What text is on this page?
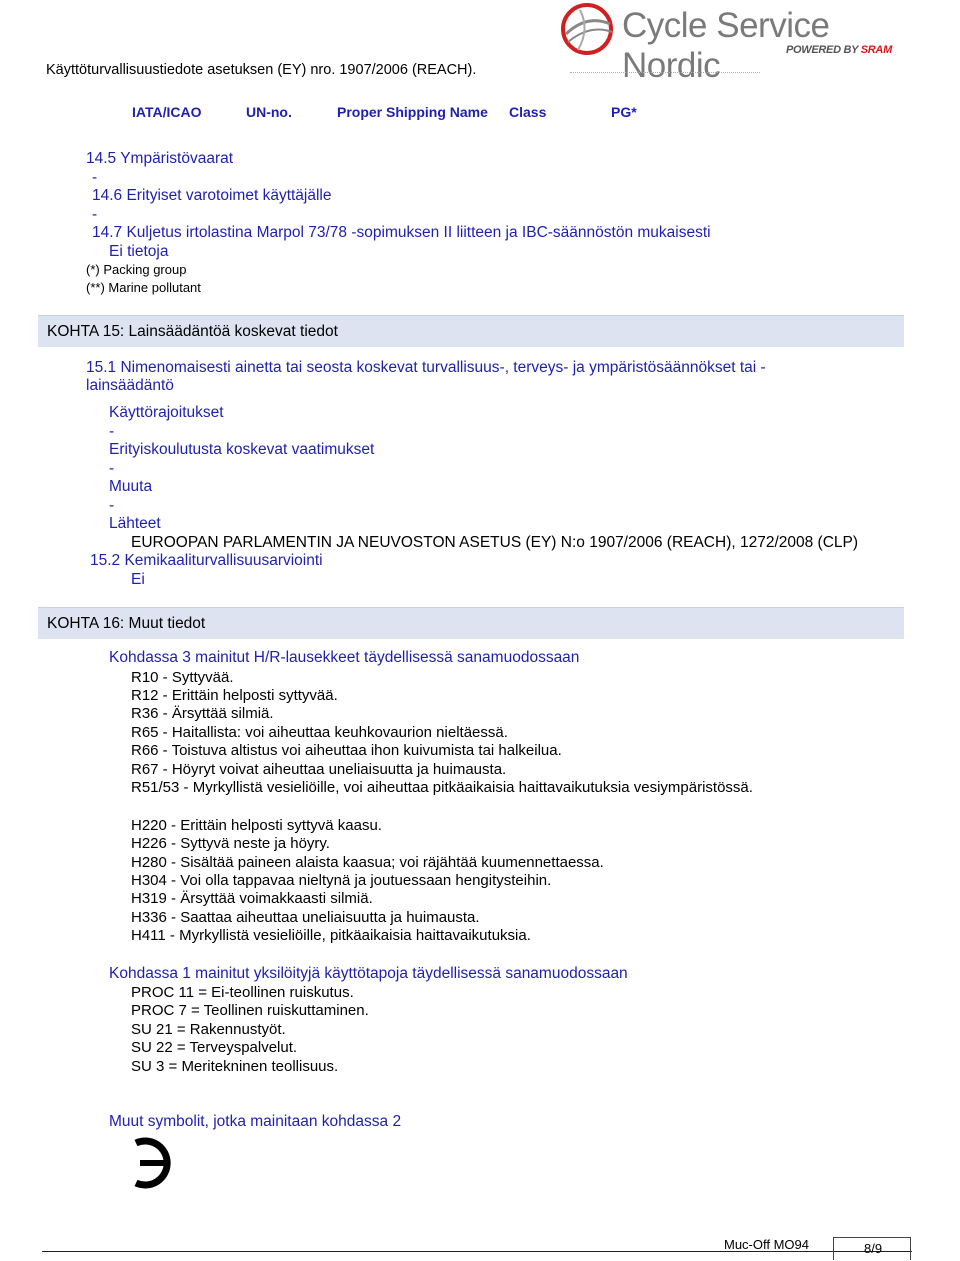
Käyttöturvallisuustiedote asetuksen (EY) nro. 1907/2006 (REACH).
Cycle Service Nordic	POWERED BY SRAM
IATA/ICAO	UN-no.	Proper Shipping Name Class	PG*
14.5 Ympäristövaarat
-
14.6 Erityiset varotoimet käyttäjälle
-
14.7 Kuljetus irtolastina Marpol 73/78 -sopimuksen II liitteen ja IBC-säännöstön mukaisesti
Ei tietoja
(*) Packing group
(**) Marine pollutant
KOHTA 15: Lainsäädäntöä koskevat tiedot
15.1 Nimenomaisesti ainetta tai seosta koskevat turvallisuus-, terveys- ja ympäristösäännökset tai -
lainsäädäntö
Käyttörajoitukset
-
Erityiskoulutusta koskevat vaatimukset
-
Muuta
-
Lähteet
EUROOPAN PARLAMENTIN JA NEUVOSTON ASETUS (EY) N:o 1907/2006 (REACH), 1272/2008 (CLP)
15.2 Kemikaaliturvallisuusarviointi
Ei
KOHTA 16: Muut tiedot
Kohdassa 3 mainitut H/R-lausekkeet täydellisessä sanamuodossaan
R10 - Syttyvää.
R12 - Erittäin helposti syttyvää.
R36 - Ärsyttää silmiä.
R65 - Haitallista: voi aiheuttaa keuhkovaurion nieltäessä.
R66 - Toistuva altistus voi aiheuttaa ihon kuivumista tai halkeilua.
R67 - Höyryt voivat aiheuttaa uneliaisuutta ja huimausta.
R51/53 - Myrkyllistä vesieliöille, voi aiheuttaa pitkäaikaisia haittavaikutuksia vesiympäristössä.
H220 - Erittäin helposti syttyvä kaasu.
H226 - Syttyvä neste ja höyry.
H280 - Sisältää paineen alaista kaasua; voi räjähtää kuumennettaessa.
H304 - Voi olla tappavaa nieltynä ja joutuessaan hengitysteihin.
H319 - Ärsyttää voimakkaasti silmiä.
H336 - Saattaa aiheuttaa uneliaisuutta ja huimausta.
H411 - Myrkyllistä vesieliöille, pitkäaikaisia haittavaikutuksia.
Kohdassa 1 mainitut yksilöityjä käyttötapoja täydellisessä sanamuodossaan
PROC 11 = Ei-teollinen ruiskutus.
PROC 7 = Teollinen ruiskuttaminen.
SU 21 = Rakennustyöt.
SU 22 = Terveyspalvelut.
SU 3 = Meritekninen teollisuus.
Muut symbolit, jotka mainitaan kohdassa 2
Muc-Off MO94	8/9
